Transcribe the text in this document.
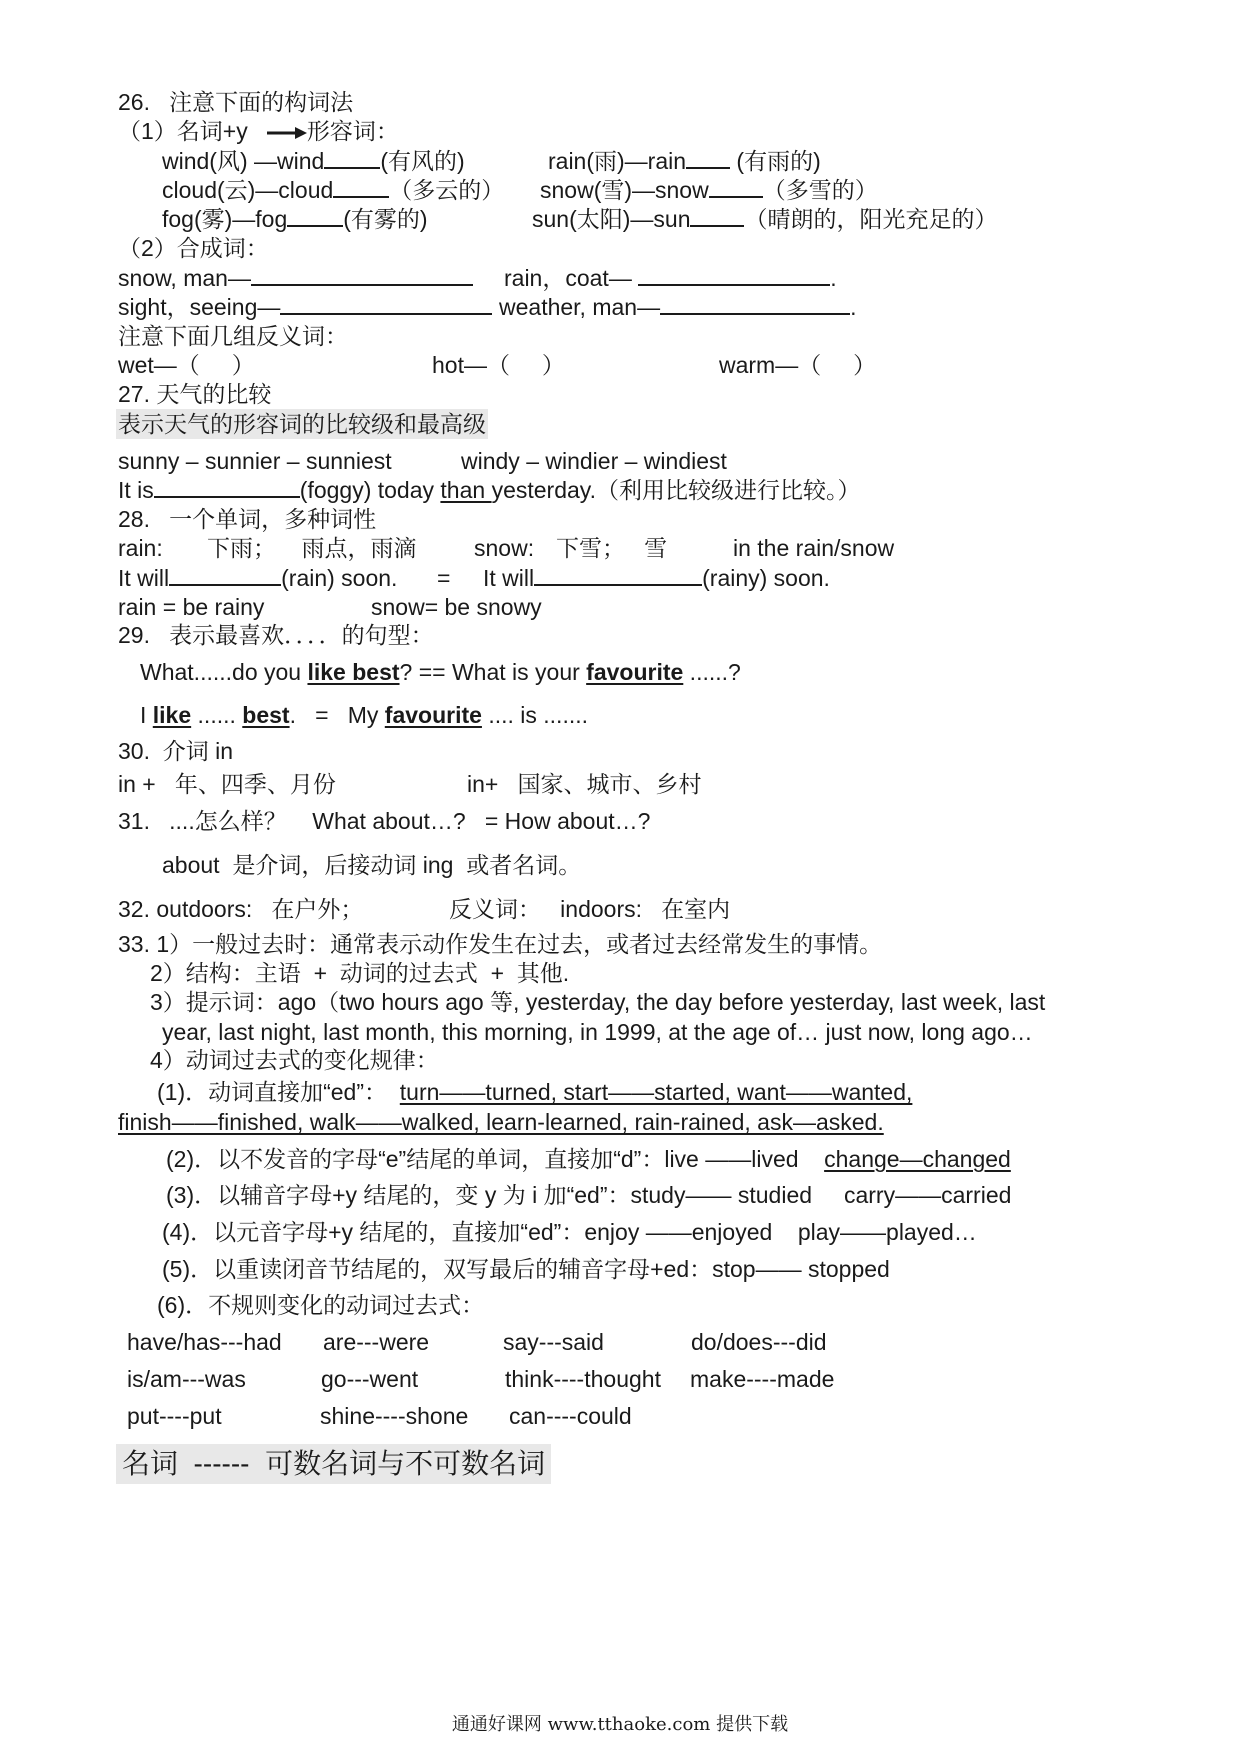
26.   注意下面的构词法
（1）名词+y   形容词：
wind(风) —wind (有风的)	rain(雨)—rain (有雨的)
cloud(云)—cloud （多云的） snow(雪)—snow （多雪的）
fog(雾)—fog (有雾的)	sun(太阳)—sun （晴朗的，阳光充足的）
（2）合成词：
snow, man—	rain，coat—	.
sight，seeing—	weather, man—	.
注意下面几组反义词：
wet—（     ）	hot—（     ）	warm—（     ）
27. 天气的比较
表示天气的形容词的比较级和最高级
sunny – sunnier – sunniest	windy – windier – windiest
It is	(foggy) today than yesterday.（利用比较级进行比较。）
28.   一个单词，多种词性
rain: 下雨；    雨点，雨滴 snow: 下雪；   雪	in the rain/snow
It will	(rain) soon. = It will	(rainy) soon.
rain = be rainy	snow= be snowy
29.   表示最喜欢．．．．的句型：
What......do you like best? == What is your favourite ......?
I like ...... best.   =   My favourite .... is .......
30.  介词 in
in +   年、四季、月份	in+   国家、城市、乡村
31.   ....怎么样？    What about…?   = How about…?
about  是介词，后接动词 ing  或者名词。
32. outdoors:   在户外；	反义词：   indoors:   在室内
33. 1）一般过去时：通常表示动作发生在过去，或者过去经常发生的事情。
2）结构：主语  +  动词的过去式  +  其他.
3）提示词：ago（two hours ago 等, yesterday, the day before yesterday, last week, last
year, last night, last month, this morning, in 1999, at the age of… just now, long ago…
4）动词过去式的变化规律：
(1)．动词直接加“ed”：  turn——turned, start——started, want——wanted,
finish——finished, walk——walked, learn-learned, rain-rained, ask—asked.
(2)．以不发音的字母“e”结尾的单词，直接加“d”：live ——lived    change—changed
(3)．以辅音字母+y 结尾的，变 y 为 i 加“ed”：study—— studied     carry——carried
(4)．以元音字母+y 结尾的，直接加“ed”：enjoy ——enjoyed    play——played…
(5)．以重读闭音节结尾的，双写最后的辅音字母+ed：stop—— stopped
(6)．不规则变化的动词过去式：
have/has---had are---were	say---said	do/does---did
is/am---was	go---went	think----thought make----made
put----put	shine----shone can----could
名词  ------  可数名词与不可数名词
通通好课网 www.tthaoke.com 提供下载
